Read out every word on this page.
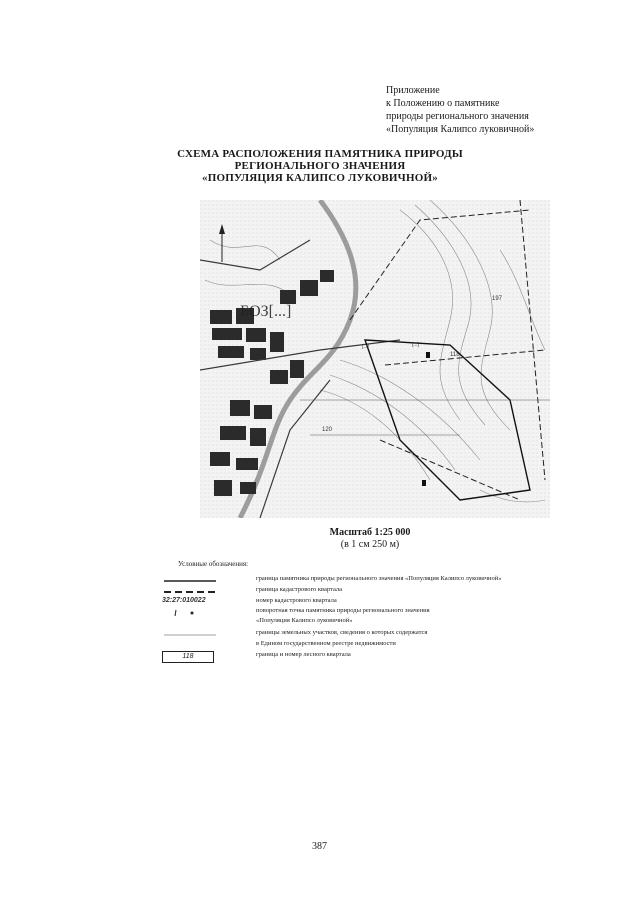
Приложение
к Положению о памятнике
природы регионального значения
«Популяция Калипсо луковичной»
СХЕМА РАСПОЛОЖЕНИЯ ПАМЯТНИКА ПРИРОДЫ
РЕГИОНАЛЬНОГО ЗНАЧЕНИЯ
«ПОПУЛЯЦИЯ КАЛИПСО ЛУКОВИЧНОЙ»
БОЗ[...]
197
118
120
[...]	[...]
Масштаб 1:25 000
(в 1 см 250 м)
Условные обозначения:
граница памятника природы регионального значения «Популяция Калипсо луковичной»
граница кадастрового квартала
32:27:010022	номер кадастрового квартала
поворотная точка памятника природы регионального значения
«Популяция Калипсо луковичной»
границы земельных участков, сведения о которых содержатся
в Едином государственном реестре недвижимости
118	граница и номер лесного квартала
387
